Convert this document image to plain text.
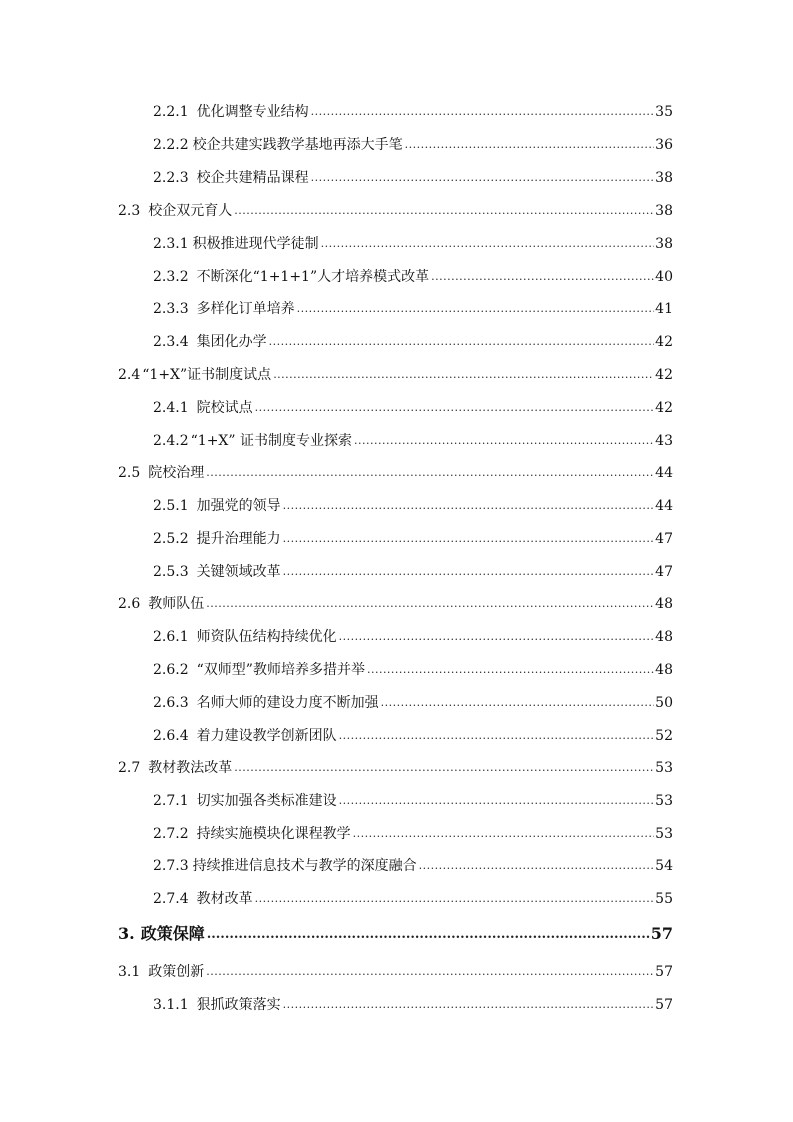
2.2.1 优化调整专业结构 .....	35
2.2.2 校企共建实践教学基地再添大手笔 .....	36
2.2.3 校企共建精品课程 .....	38
2.3 校企双元育人 .....	38
2.3.1 积极推进现代学徒制 .....	38
2.3.2 不断深化“1+1+1”人才培养模式改革 .....	40
2.3.3 多样化订单培养 .....	41
2.3.4 集团化办学 .....	42
2.4 “1+X”证书制度试点 .....	42
2.4.1 院校试点 .....	42
2.4.2 “1+X” 证书制度专业探索 .....	43
2.5 院校治理 .....	44
2.5.1 加强党的领导 .....	44
2.5.2 提升治理能力 .....	47
2.5.3 关键领域改革 .....	47
2.6 教师队伍 .....	48
2.6.1 师资队伍结构持续优化 .....	48
2.6.2 “双师型”教师培养多措并举 .....	48
2.6.3 名师大师的建设力度不断加强 .....	50
2.6.4 着力建设教学创新团队 .....	52
2.7 教材教法改革 .....	53
2.7.1 切实加强各类标准建设 .....	53
2.7.2 持续实施模块化课程教学 .....	53
2.7.3 持续推进信息技术与教学的深度融合 .....	54
2.7.4 教材改革 .....	55
3. 政策保障 .....	57
3.1 政策创新 .....	57
3.1.1 狠抓政策落实 .....	57
